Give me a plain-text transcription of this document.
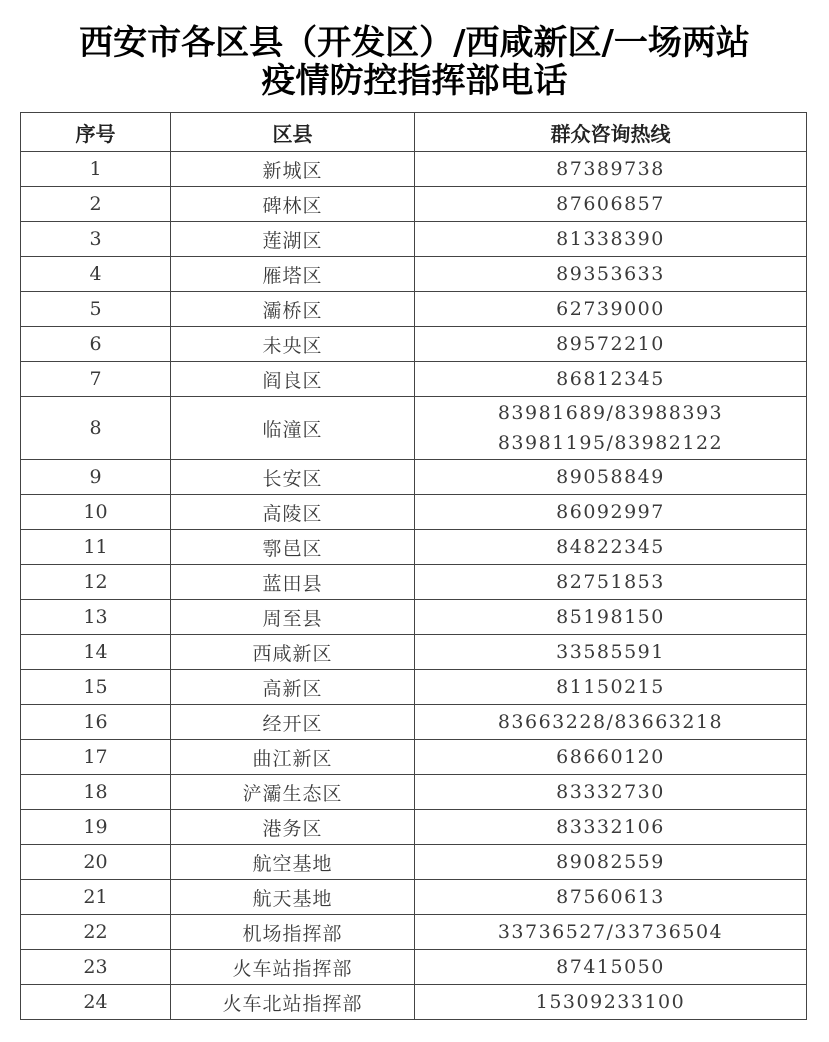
西安市各区县（开发区）/西咸新区/一场两站
疫情防控指挥部电话
序号	区县	群众咨询热线
1	新城区	87389738

2	碑林区	87606857

3	莲湖区	81338390

4	雁塔区	89353633

5	灞桥区	62739000

6	未央区	89572210

7	阎良区	86812345

8	临潼区	83981689/83988393
83981195/83982122

9	长安区	89058849

10	高陵区	86092997

11	鄠邑区	84822345

12	蓝田县	82751853

13	周至县	85198150

14	西咸新区	33585591

15	高新区	81150215

16	经开区	83663228/83663218

17	曲江新区	68660120

18	浐灞生态区	83332730

19	港务区	83332106

20	航空基地	89082559

21	航天基地	87560613

22	机场指挥部	33736527/33736504

23	火车站指挥部	87415050

24	火车北站指挥部	15309233100
